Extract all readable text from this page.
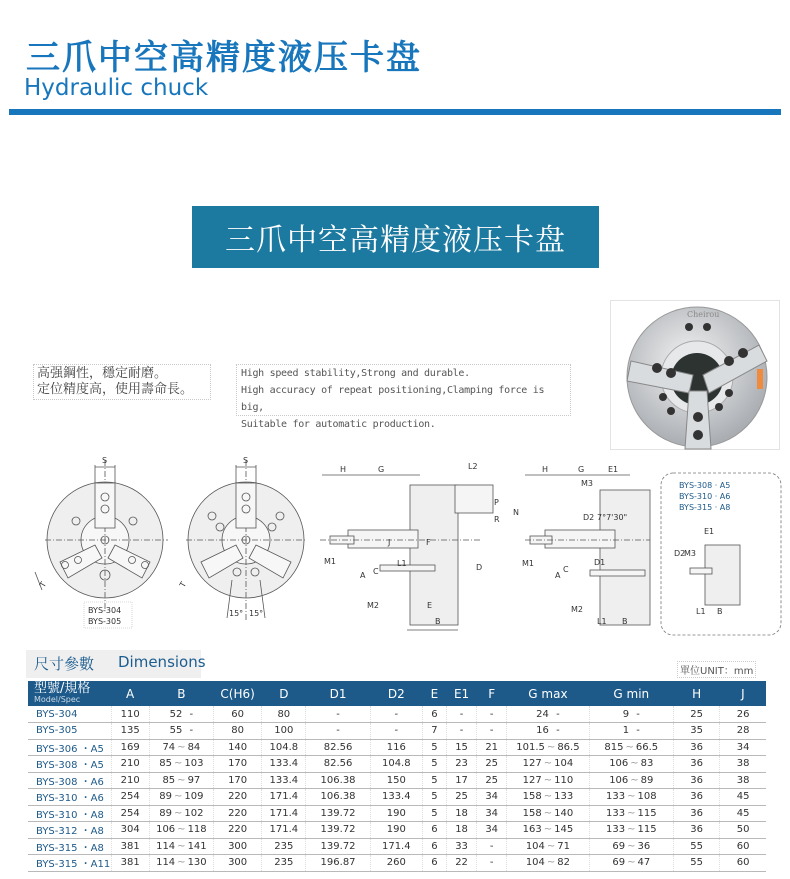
三爪中空高精度液压卡盘
Hydraulic chuck
三爪中空高精度液压卡盘
高强鋼性，穩定耐磨。
定位精度高，使用壽命長。
High speed stability,Strong and durable.
High accuracy of repeat positioning,Clamping force is big,
Suitable for automatic production.
Cheirou
S
T
BYS-304
BYS-305
S
15° 15°
T
H	G	L2
P
R
N
J	F
D
M1	L1
A C
M2	E
B
H	G	E1
M3
D2 7°7'30"
M1	D1
A
C
M2
L1 B
BYS-308 · A5
BYS-310 · A6
BYS-315 · A8
E1
D2
M3
L1 B
尺寸參數 Dimensions
單位UNIT：mm
型號/規格
Model/Spec	A	B	C(H6)	D	D1	D2	E	E1	F	G max	G min	H	J
BYS-304	110	52 -	60	80	-	-	6	-	-	24 -	9 -	25	26
BYS-305	135	55 -	80	100	-	-	7	-	-	16 -	1 -	35	28
BYS-306 ・A5	169	74 ~ 84	140	104.8	82.56	116	5	15	21	101.5 ~ 86.5	815 ~ 66.5	36	34
BYS-308 ・A5	210	85 ~ 103	170	133.4	82.56	104.8	5	23	25	127 ~ 104	106 ~ 83	36	38
BYS-308 ・A6	210	85 ~ 97	170	133.4	106.38	150	5	17	25	127 ~ 110	106 ~ 89	36	38
BYS-310 ・A6	254	89 ~ 109	220	171.4	106.38	133.4	5	25	34	158 ~ 133	133 ~ 108	36	45
BYS-310 ・A8	254	89 ~ 102	220	171.4	139.72	190	5	18	34	158 ~ 140	133 ~ 115	36	45
BYS-312 ・A8	304	106 ~ 118	220	171.4	139.72	190	6	18	34	163 ~ 145	133 ~ 115	36	50
BYS-315 ・A8	381	114 ~ 141	300	235	139.72	171.4	6	33	-	104 ~ 71	69 ~ 36	55	60
BYS-315 ・A11	381	114 ~ 130	300	235	196.87	260	6	22	-	104 ~ 82	69 ~ 47	55	60
